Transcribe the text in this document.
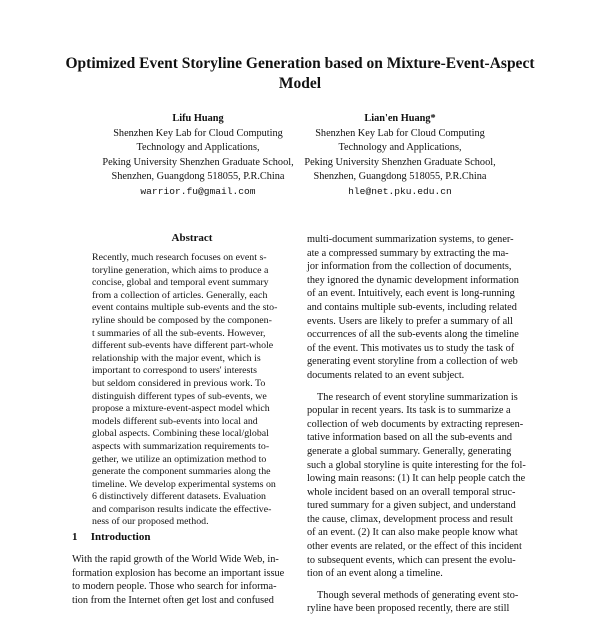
Optimized Event Storyline Generation based on Mixture-Event-Aspect
Model
Lifu Huang
Shenzhen Key Lab for Cloud Computing
Technology and Applications,
Peking University Shenzhen Graduate School,
Shenzhen, Guangdong 518055, P.R.China
warrior.fu@gmail.com
Lian'en Huang*
Shenzhen Key Lab for Cloud Computing
Technology and Applications,
Peking University Shenzhen Graduate School,
Shenzhen, Guangdong 518055, P.R.China
hle@net.pku.edu.cn
Abstract
Recently, much research focuses on event s-
toryline generation, which aims to produce a
concise, global and temporal event summary
from a collection of articles. Generally, each
event contains multiple sub-events and the sto-
ryline should be composed by the componen-
t summaries of all the sub-events. However,
different sub-events have different part-whole
relationship with the major event, which is
important to correspond to users' interests
but seldom considered in previous work. To
distinguish different types of sub-events, we
propose a mixture-event-aspect model which
models different sub-events into local and
global aspects. Combining these local/global
aspects with summarization requirements to-
gether, we utilize an optimization method to
generate the component summaries along the
timeline. We develop experimental systems on
6 distinctively different datasets. Evaluation
and comparison results indicate the effective-
ness of our proposed method.
1 Introduction
With the rapid growth of the World Wide Web, in-
formation explosion has become an important issue
to modern people. Those who search for informa-
tion from the Internet often get lost and confused
multi-document summarization systems, to gener-
ate a compressed summary by extracting the ma-
jor information from the collection of documents,
they ignored the dynamic development information
of an event. Intuitively, each event is long-running
and contains multiple sub-events, including related
events. Users are likely to prefer a summary of all
occurrences of all the sub-events along the timeline
of the event. This motivates us to study the task of
generating event storyline from a collection of web
documents related to an event subject.
The research of event storyline summarization is
popular in recent years. Its task is to summarize a
collection of web documents by extracting represen-
tative information based on all the sub-events and
generate a global summary. Generally, generating
such a global storyline is quite interesting for the fol-
lowing main reasons: (1) It can help people catch the
whole incident based on an overall temporal struc-
tured summary for a given subject, and understand
the cause, climax, development process and result
of an event. (2) It can also make people know what
other events are related, or the effect of this incident
to subsequent events, which can present the evolu-
tion of an event along a timeline.
Though several methods of generating event sto-
ryline have been proposed recently, there are still
